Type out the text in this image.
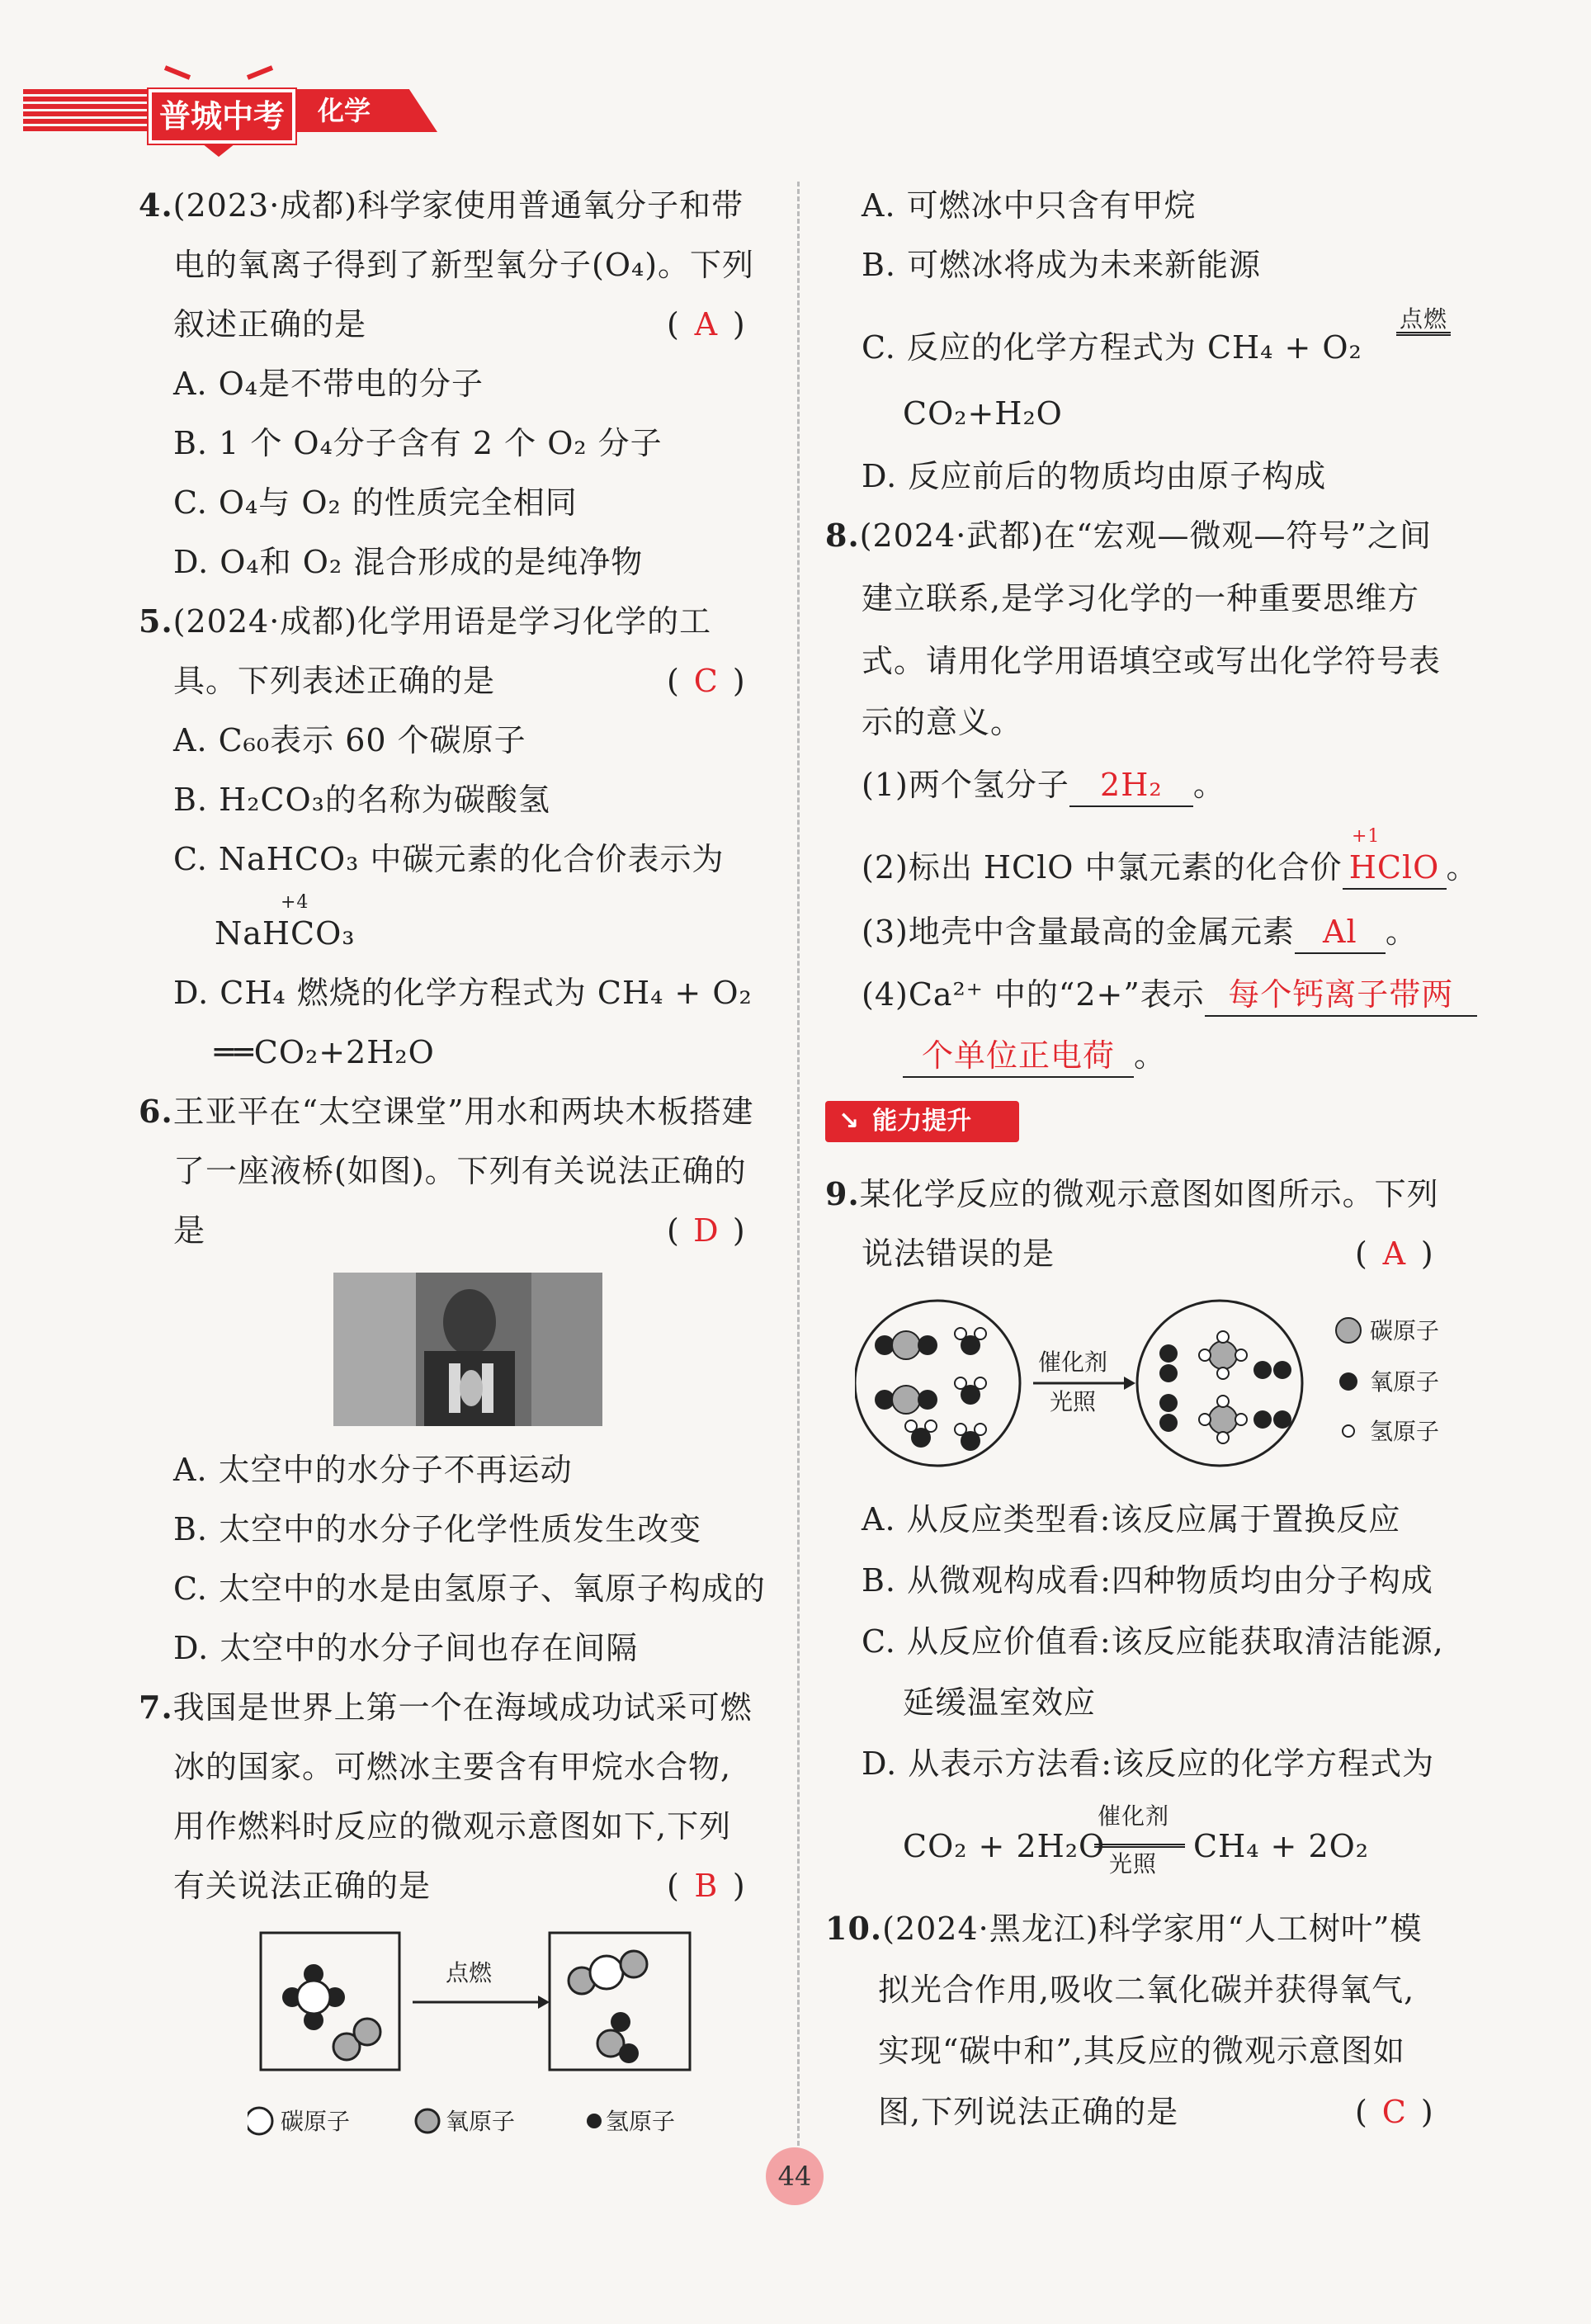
普城中考	化学
4.(2023·成都)科学家使用普通氧分子和带
电的氧离子得到了新型氧分子(O₄)。下列
叙述正确的是	( A )
A. O₄是不带电的分子
B. 1 个 O₄分子含有 2 个 O₂ 分子
C. O₄与 O₂ 的性质完全相同
D. O₄和 O₂ 混合形成的是纯净物
5.(2024·成都)化学用语是学习化学的工
具。下列表述正确的是	( C )
A. C₆₀表示 60 个碳原子
B. H₂CO₃的名称为碳酸氢
C. NaHCO₃ 中碳元素的化合价表示为
+4
NaHCO₃
D. CH₄ 燃烧的化学方程式为 CH₄ + O₂
══CO₂+2H₂O
6.王亚平在“太空课堂”用水和两块木板搭建
了一座液桥(如图)。下列有关说法正确的
是	( D )
A. 太空中的水分子不再运动
B. 太空中的水分子化学性质发生改变
C. 太空中的水是由氢原子、氧原子构成的
D. 太空中的水分子间也存在间隔
7.我国是世界上第一个在海域成功试采可燃
冰的国家。可燃冰主要含有甲烷水合物,
用作燃料时反应的微观示意图如下,下列
有关说法正确的是	( B )
点燃
碳原子	氧原子	氢原子
A. 可燃冰中只含有甲烷
B. 可燃冰将成为未来新能源
C. 反应的化学方程式为 CH₄ + O₂
点燃
CO₂+H₂O
D. 反应前后的物质均由原子构成
8.(2024·武都)在“宏观—微观—符号”之间
建立联系,是学习化学的一种重要思维方
式。请用化学用语填空或写出化学符号表
示的意义。
(1)两个氢分子 2H₂ 。
+1
(2)标出 HClO 中氯元素的化合价 HClO 。
(3)地壳中含量最高的金属元素 Al 。
(4)Ca²⁺ 中的“2+”表示 每个钙离子带两
个单位正电荷 。
↘ 能力提升
9.某化学反应的微观示意图如图所示。下列
说法错误的是	( A )
催化剂
光照
碳原子
氧原子
氢原子
A. 从反应类型看:该反应属于置换反应
B. 从微观构成看:四种物质均由分子构成
C. 从反应价值看:该反应能获取清洁能源,
延缓温室效应
D. 从表示方法看:该反应的化学方程式为
CO₂ + 2H₂O
催化剂
光照 CH₄ + 2O₂
10.(2024·黑龙江)科学家用“人工树叶”模
拟光合作用,吸收二氧化碳并获得氧气,
实现“碳中和”,其反应的微观示意图如
图,下列说法正确的是	( C )
44
